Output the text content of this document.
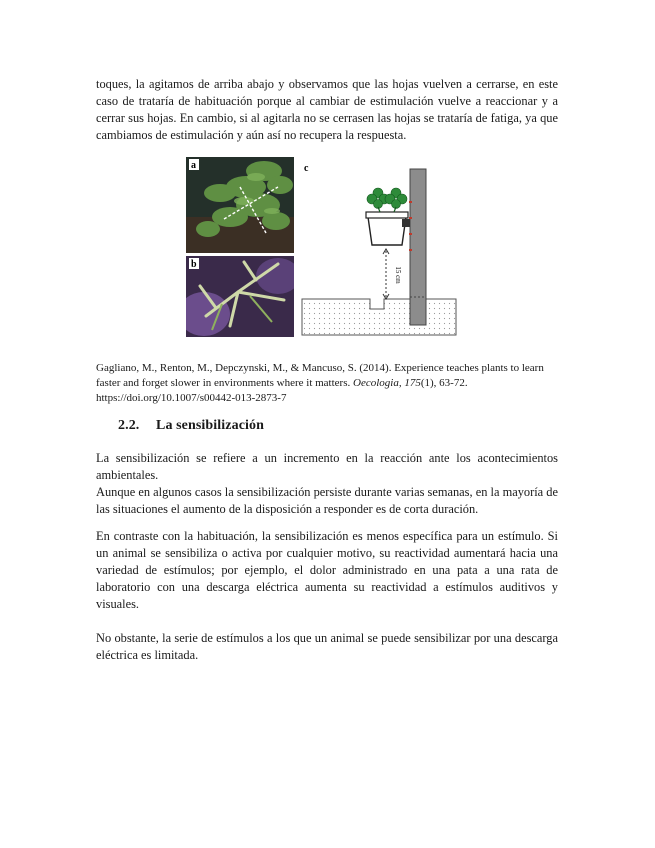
toques, la agitamos de arriba abajo y observamos que las hojas vuelven a cerrarse, en este caso de trataría de habituación porque al cambiar de estimulación vuelve a reaccionar y a cerrar sus hojas. En cambio, si al agitarla no se cerrasen las hojas se trataría de fatiga, ya que cambiamos de estimulación y aún así no recupera la respuesta.

a
b
c
15 cm

Gagliano, M., Renton, M., Depczynski, M., & Mancuso, S. (2014). Experience teaches plants to learn faster and forget slower in environments where it matters. Oecologia, 175(1), 63-72.
https://doi.org/10.1007/s00442-013-2873-7

2.2. La sensibilización

La sensibilización se refiere a un incremento en la reacción ante los acontecimientos ambientales.

Aunque en algunos casos la sensibilización persiste durante varias semanas, en la mayoría de las situaciones el aumento de la disposición a responder es de corta duración.

En contraste con la habituación, la sensibilización es menos específica para un estímulo. Si un animal se sensibiliza o activa por cualquier motivo, su reactividad aumentará hacia una variedad de estímulos; por ejemplo, el dolor administrado en una pata a una rata de laboratorio con una descarga eléctrica aumenta su reactividad a estímulos auditivos y visuales.

No obstante, la serie de estímulos a los que un animal se puede sensibilizar por una descarga eléctrica es limitada.
